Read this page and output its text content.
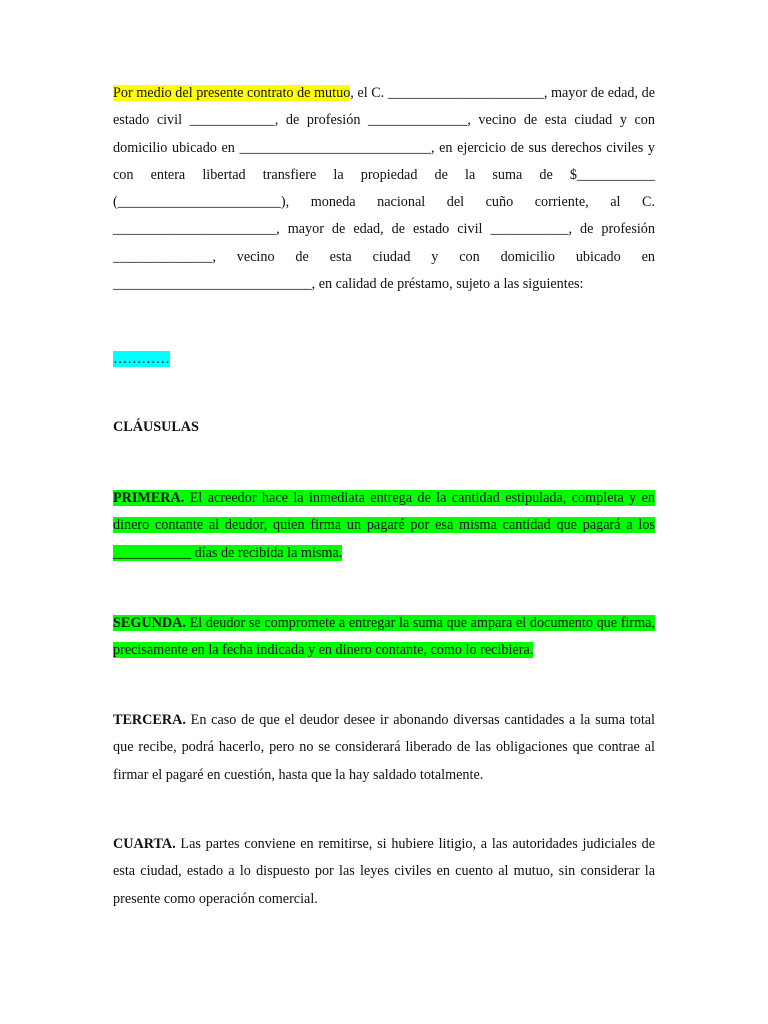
Por medio del presente contrato de mutuo, el C. ______________________, mayor de edad, de estado civil ____________, de profesión ______________, vecino de esta ciudad y con domicilio ubicado en ___________________________, en ejercicio de sus derechos civiles y con entera libertad transfiere la propiedad de la suma de $___________ (_______________________), moneda nacional del cuño corriente, al C. _______________________, mayor de edad, de estado civil ___________, de profesión ______________, vecino de esta ciudad y con domicilio ubicado en ____________________________, en calidad de préstamo, sujeto a las siguientes:

…………

CLÁUSULAS

PRIMERA. El acreedor hace la inmediata entrega de la cantidad estipulada, completa y en dinero contante al deudor, quien firma un pagaré por esa misma cantidad que pagará a los ___________ días de recibida la misma.

SEGUNDA. El deudor se compromete a entregar la suma que ampara el documento que firma, precisamente en la fecha indicada y en dinero contante, como lo recibiera.

TERCERA. En caso de que el deudor desee ir abonando diversas cantidades a la suma total que recibe, podrá hacerlo, pero no se considerará liberado de las obligaciones que contrae al firmar el pagaré en cuestión, hasta que la hay saldado totalmente.

CUARTA. Las partes conviene en remitirse, si hubiere litigio, a las autoridades judiciales de esta ciudad, estado a lo dispuesto por las leyes civiles en cuento al mutuo, sin considerar la presente como operación comercial.
